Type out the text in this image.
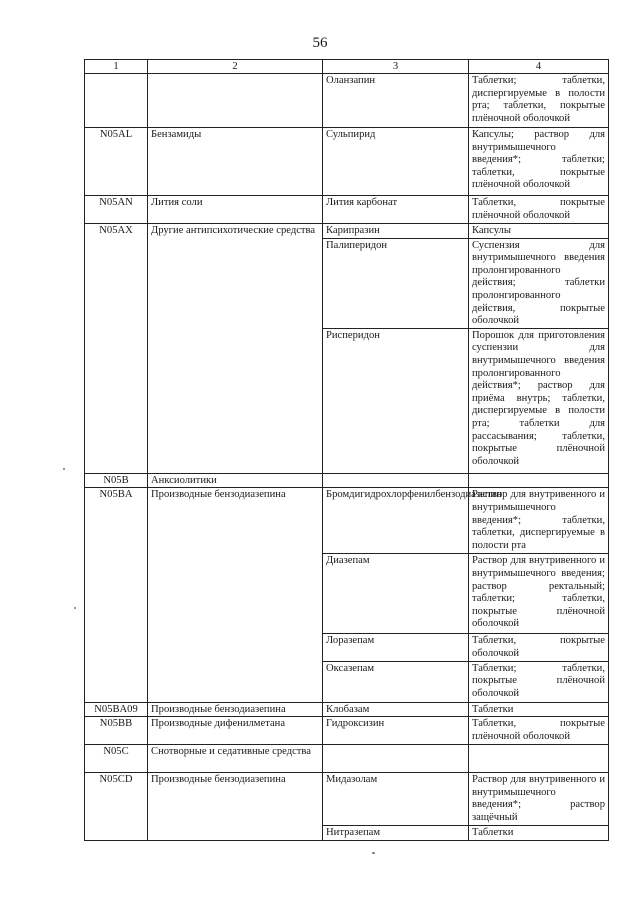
56
1	2	3	4
		Оланзапин	Таблетки; таблетки, диспергируемые в полости рта; таблетки, покрытые плёночной оболочкой
N05AL	Бензамиды	Сульпирид	Капсулы; раствор для внутримышечного введения*; таблетки; таблетки, покрытые плёночной оболочкой
N05AN	Лития соли	Лития карбонат	Таблетки, покрытые плёночной оболочкой
N05AX	Другие антипсихотические средства	Карипразин	Капсулы
		Палиперидон	Суспензия для внутримышечного введения пролонгированного действия; таблетки пролонгированного действия, покрытые оболочкой
		Рисперидон	Порошок для приготовления суспензии для внутримышечного введения пролонгированного действия*; раствор для приёма внутрь; таблетки, диспергируемые в полости рта; таблетки для рассасывания; таблетки, покрытые плёночной оболочкой
N05B	Анксиолитики		
N05BA	Производные бензодиазепина	Бромдигидрохлорфенилбензодиазепин	Раствор для внутривенного и внутримышечного введения*; таблетки, таблетки, диспергируемые в полости рта
		Диазепам	Раствор для внутривенного и внутримышечного введения; раствор ректальный; таблетки; таблетки, покрытые плёночной оболочкой
		Лоразепам	Таблетки, покрытые оболочкой
		Оксазепам	Таблетки; таблетки, покрытые плёночной оболочкой
N05BA09	Производные бензодиазепина	Клобазам	Таблетки
N05BB	Производные дифенилметана	Гидроксизин	Таблетки, покрытые плёночной оболочкой
N05C	Снотворные и седативные средства		
N05CD	Производные бензодиазепина	Мидазолам	Раствор для внутривенного и внутримышечного введения*; раствор защёчный
		Нитразепам	Таблетки
